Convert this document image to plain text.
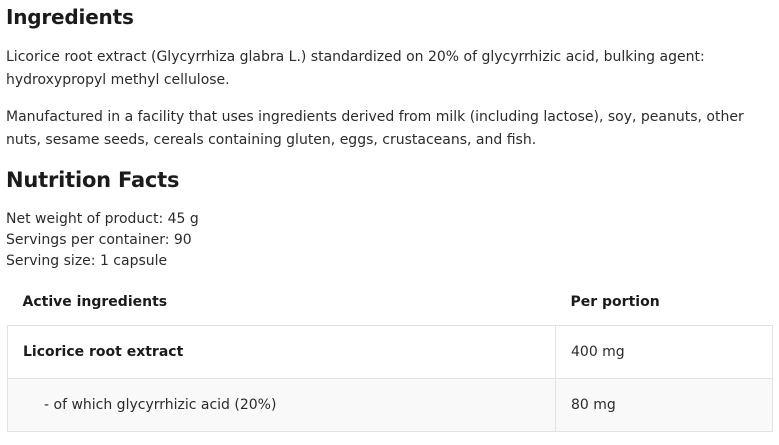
Ingredients

Licorice root extract (Glycyrrhiza glabra L.) standardized on 20% of glycyrrhizic acid, bulking agent: hydroxypropyl methyl cellulose.

Manufactured in a facility that uses ingredients derived from milk (including lactose), soy, peanuts, other nuts, sesame seeds, cereals containing gluten, eggs, crustaceans, and fish.

Nutrition Facts

Net weight of product: 45 g

Servings per container: 90

Serving size: 1 capsule

Active ingredients	Per portion
Licorice root extract	400 mg
- of which glycyrrhizic acid (20%)	80 mg
